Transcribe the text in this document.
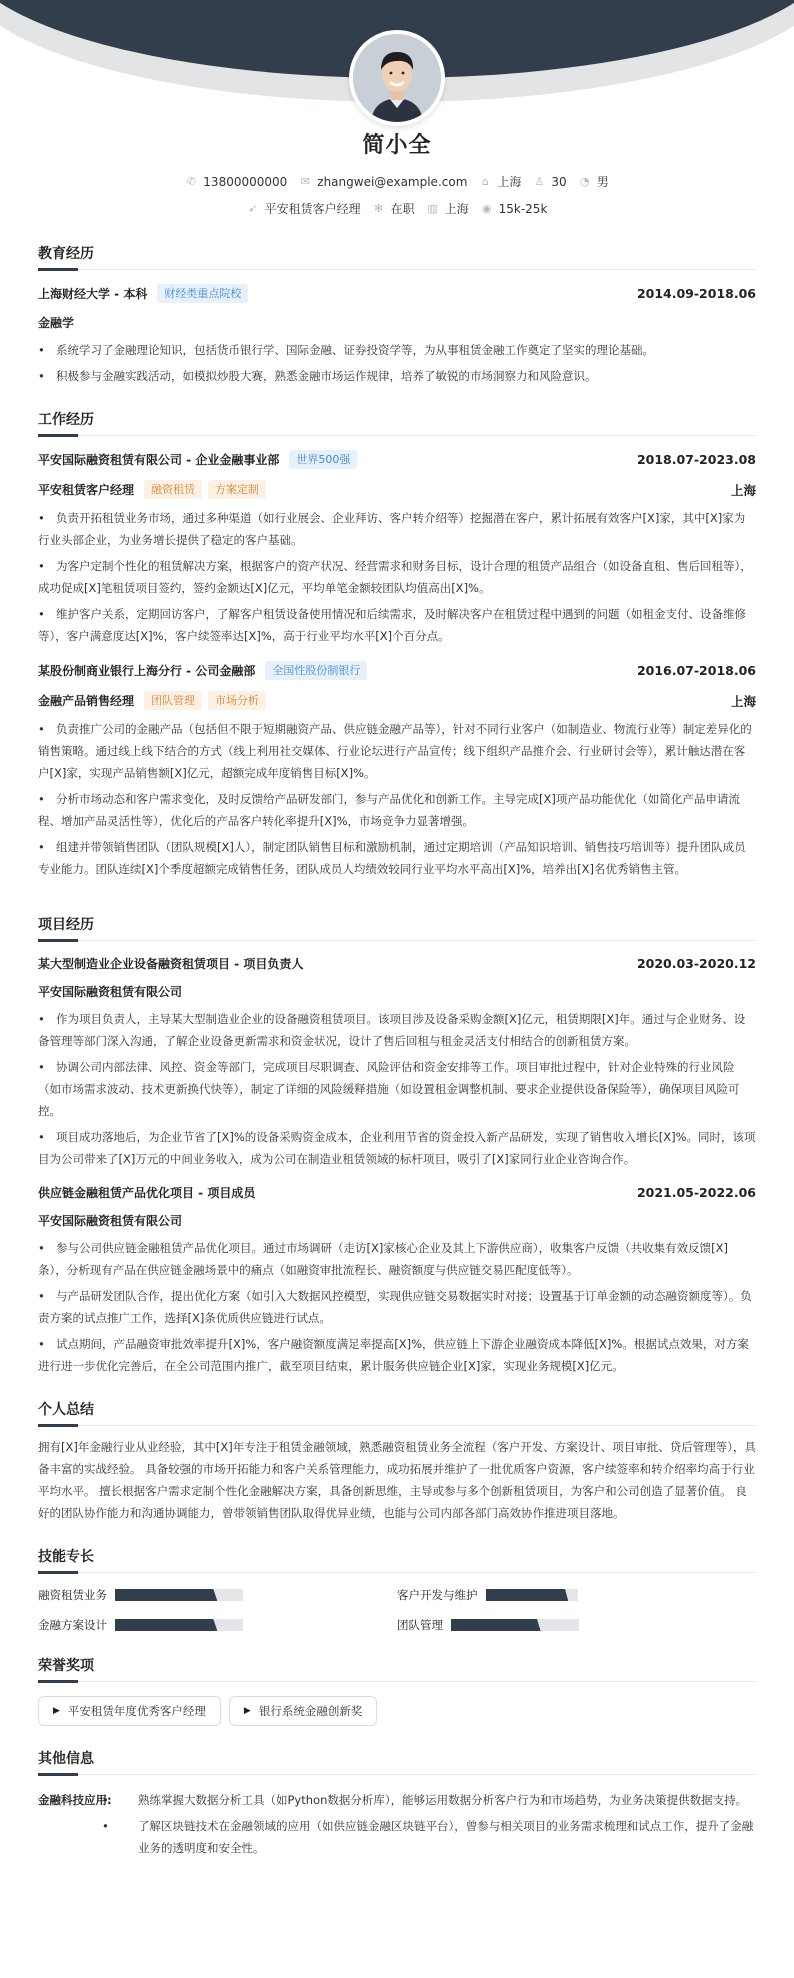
简小全
✆ 13800000000 ✉ zhangwei@example.com ⌂ 上海 ♙ 30 ◔ 男
➶ 平安租赁客户经理 ✻ 在职 ▥ 上海 ◉ 15k-25k
教育经历
上海财经大学 - 本科	财经类重点院校	2014.09-2018.06
金融学
• 系统学习了金融理论知识，包括货币银行学、国际金融、证券投资学等，为从事租赁金融工作奠定了坚实的理论基础。
• 积极参与金融实践活动，如模拟炒股大赛，熟悉金融市场运作规律，培养了敏锐的市场洞察力和风险意识。
工作经历
平安国际融资租赁有限公司 - 企业金融事业部	世界500强	2018.07-2023.08
平安租赁客户经理	融资租赁	方案定制	上海
• 负责开拓租赁业务市场，通过多种渠道（如行业展会、企业拜访、客户转介绍等）挖掘潜在客户，累计拓展有效客户[X]家，其中[X]家为行业头部企业，为业务增长提供了稳定的客户基础。
• 为客户定制个性化的租赁解决方案，根据客户的资产状况、经营需求和财务目标，设计合理的租赁产品组合（如设备直租、售后回租等），成功促成[X]笔租赁项目签约，签约金额达[X]亿元，平均单笔金额较团队均值高出[X]%。
• 维护客户关系，定期回访客户，了解客户租赁设备使用情况和后续需求，及时解决客户在租赁过程中遇到的问题（如租金支付、设备维修等），客户满意度达[X]%，客户续签率达[X]%，高于行业平均水平[X]个百分点。
某股份制商业银行上海分行 - 公司金融部	全国性股份制银行	2016.07-2018.06
金融产品销售经理	团队管理	市场分析	上海
• 负责推广公司的金融产品（包括但不限于短期融资产品、供应链金融产品等），针对不同行业客户（如制造业、物流行业等）制定差异化的销售策略。通过线上线下结合的方式（线上利用社交媒体、行业论坛进行产品宣传；线下组织产品推介会、行业研讨会等），累计触达潜在客户[X]家，实现产品销售额[X]亿元，超额完成年度销售目标[X]%。
• 分析市场动态和客户需求变化，及时反馈给产品研发部门，参与产品优化和创新工作。主导完成[X]项产品功能优化（如简化产品申请流程、增加产品灵活性等），优化后的产品客户转化率提升[X]%，市场竞争力显著增强。
• 组建并带领销售团队（团队规模[X]人），制定团队销售目标和激励机制，通过定期培训（产品知识培训、销售技巧培训等）提升团队成员专业能力。团队连续[X]个季度超额完成销售任务，团队成员人均绩效较同行业平均水平高出[X]%，培养出[X]名优秀销售主管。
项目经历
某大型制造业企业设备融资租赁项目 - 项目负责人	2020.03-2020.12
平安国际融资租赁有限公司
• 作为项目负责人，主导某大型制造业企业的设备融资租赁项目。该项目涉及设备采购金额[X]亿元，租赁期限[X]年。通过与企业财务、设备管理等部门深入沟通，了解企业设备更新需求和资金状况，设计了售后回租与租金灵活支付相结合的创新租赁方案。
• 协调公司内部法律、风控、资金等部门，完成项目尽职调查、风险评估和资金安排等工作。项目审批过程中，针对企业特殊的行业风险（如市场需求波动、技术更新换代快等），制定了详细的风险缓释措施（如设置租金调整机制、要求企业提供设备保险等），确保项目风险可控。
• 项目成功落地后，为企业节省了[X]%的设备采购资金成本，企业利用节省的资金投入新产品研发，实现了销售收入增长[X]%。同时，该项目为公司带来了[X]万元的中间业务收入，成为公司在制造业租赁领域的标杆项目，吸引了[X]家同行业企业咨询合作。
供应链金融租赁产品优化项目 - 项目成员	2021.05-2022.06
平安国际融资租赁有限公司
• 参与公司供应链金融租赁产品优化项目。通过市场调研（走访[X]家核心企业及其上下游供应商），收集客户反馈（共收集有效反馈[X]条），分析现有产品在供应链金融场景中的痛点（如融资审批流程长、融资额度与供应链交易匹配度低等）。
• 与产品研发团队合作，提出优化方案（如引入大数据风控模型，实现供应链交易数据实时对接；设置基于订单金额的动态融资额度等）。负责方案的试点推广工作，选择[X]条优质供应链进行试点。
• 试点期间，产品融资审批效率提升[X]%，客户融资额度满足率提高[X]%，供应链上下游企业融资成本降低[X]%。根据试点效果，对方案进行进一步优化完善后，在全公司范围内推广，截至项目结束，累计服务供应链企业[X]家，实现业务规模[X]亿元。
个人总结
拥有[X]年金融行业从业经验，其中[X]年专注于租赁金融领域，熟悉融资租赁业务全流程（客户开发、方案设计、项目审批、贷后管理等），具备丰富的实战经验。 具备较强的市场开拓能力和客户关系管理能力，成功拓展并维护了一批优质客户资源，客户续签率和转介绍率均高于行业平均水平。 擅长根据客户需求定制个性化金融解决方案，具备创新思维，主导或参与多个创新租赁项目，为客户和公司创造了显著价值。 良好的团队协作能力和沟通协调能力，曾带领销售团队取得优异业绩，也能与公司内部各部门高效协作推进项目落地。
技能专长
融资租赁业务	客户开发与维护
金融方案设计	团队管理
荣誉奖项
▶ 平安租赁年度优秀客户经理	▶ 银行系统金融创新奖
其他信息
金融科技应用:	• 熟练掌握大数据分析工具（如Python数据分析库），能够运用数据分析客户行为和市场趋势，为业务决策提供数据支持。
• 了解区块链技术在金融领域的应用（如供应链金融区块链平台），曾参与相关项目的业务需求梳理和试点工作，提升了金融业务的透明度和安全性。
